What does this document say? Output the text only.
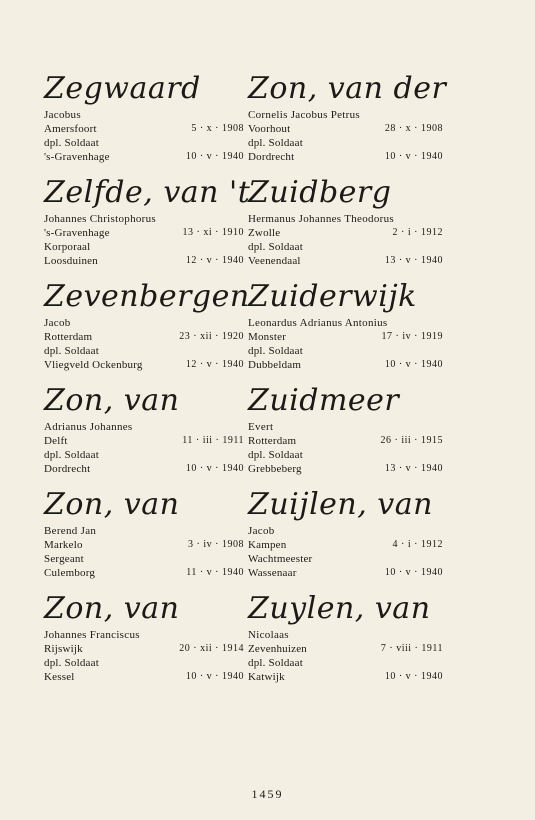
Zegwaard
Jacobus
Amersfoort	5 · x · 1908
dpl. Soldaat
's-Gravenhage	10 · v · 1940
Zelfde, van 't
Johannes Christophorus
's-Gravenhage	13 · xi · 1910
Korporaal
Loosduinen	12 · v · 1940
Zevenbergen
Jacob
Rotterdam	23 · xii · 1920
dpl. Soldaat
Vliegveld Ockenburg	12 · v · 1940
Zon, van
Adrianus Johannes
Delft	11 · iii · 1911
dpl. Soldaat
Dordrecht	10 · v · 1940
Zon, van
Berend Jan
Markelo	3 · iv · 1908
Sergeant
Culemborg	11 · v · 1940
Zon, van
Johannes Franciscus
Rijswijk	20 · xii · 1914
dpl. Soldaat
Kessel	10 · v · 1940
Zon, van der
Cornelis Jacobus Petrus
Voorhout	28 · x · 1908
dpl. Soldaat
Dordrecht	10 · v · 1940
Zuidberg
Hermanus Johannes Theodorus
Zwolle	2 · i · 1912
dpl. Soldaat
Veenendaal	13 · v · 1940
Zuiderwijk
Leonardus Adrianus Antonius
Monster	17 · iv · 1919
dpl. Soldaat
Dubbeldam	10 · v · 1940
Zuidmeer
Evert
Rotterdam	26 · iii · 1915
dpl. Soldaat
Grebbeberg	13 · v · 1940
Zuijlen, van
Jacob
Kampen	4 · i · 1912
Wachtmeester
Wassenaar	10 · v · 1940
Zuylen, van
Nicolaas
Zevenhuizen	7 · viii · 1911
dpl. Soldaat
Katwijk	10 · v · 1940
1459
